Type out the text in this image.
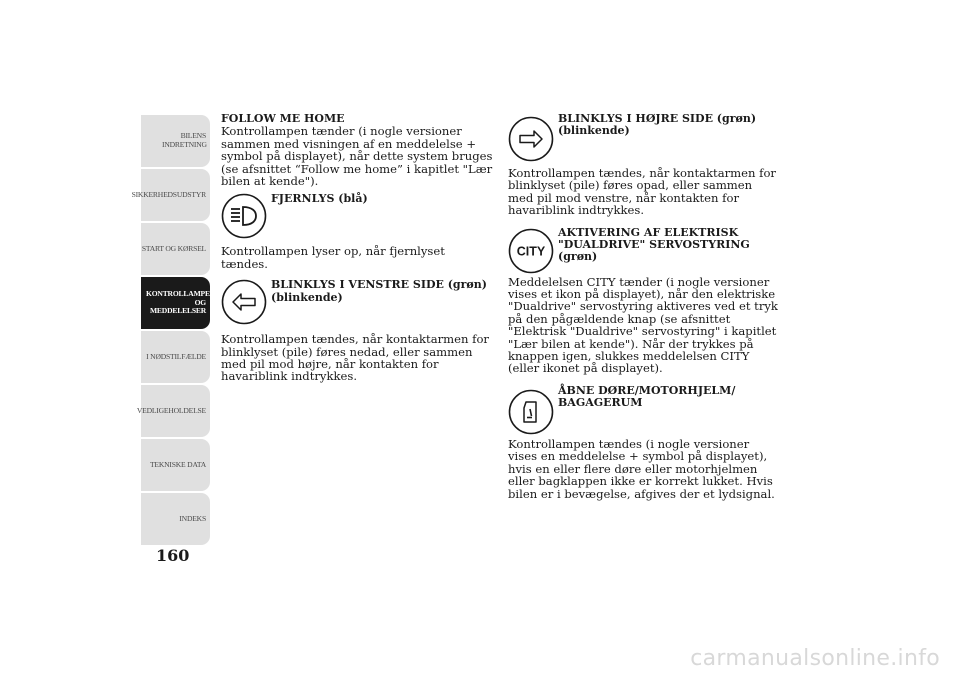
BILENS INDRETNING
SIKKERHEDSUDSTYR
START OG KØRSEL
KONTROLLAMPER OG MEDDELELSER
I NØDSTILFÆLDE
VEDLIGEHOLDELSE
TEKNISKE DATA
INDEKS
160
FOLLOW ME HOME

Kontrollampen tænder (i nogle versioner sammen med visningen af en meddelelse + symbol på displayet), når dette system bruges (se afsnittet “Follow me home” i kapitlet "Lær bilen at kende").

FJERNLYS (blå)

Kontrollampen lyser op, når fjernlyset tændes.

BLINKLYS I VENSTRE SIDE (grøn) (blinkende)

Kontrollampen tændes, når kontaktarmen for blinklyset (pile) føres nedad, eller sammen med pil mod højre, når kontakten for havariblink indtrykkes.

BLINKLYS I HØJRE SIDE (grøn) (blinkende)

Kontrollampen tændes, når kontaktarmen for blinklyset (pile) føres opad, eller sammen med pil mod venstre, når kontakten for havariblink indtrykkes.

CITY
AKTIVERING AF ELEKTRISK "DUALDRIVE" SERVOSTYRING (grøn)

Meddelelsen CITY tænder (i nogle versioner vises et ikon på displayet), når den elektriske "Dualdrive" servostyring aktiveres ved et tryk på den pågældende knap (se afsnittet "Elektrisk "Dualdrive" servostyring" i kapitlet "Lær bilen at kende"). Når der trykkes på knappen igen, slukkes meddelelsen CITY (eller ikonet på displayet).

ÅBNE DØRE/MOTORHJELM/ BAGAGERUM

Kontrollampen tændes (i nogle versioner vises en meddelelse + symbol på displayet), hvis en eller flere døre eller motorhjelmen eller bagklappen ikke er korrekt lukket. Hvis bilen er i bevægelse, afgives der et lydsignal.

carmanualsonline.info
